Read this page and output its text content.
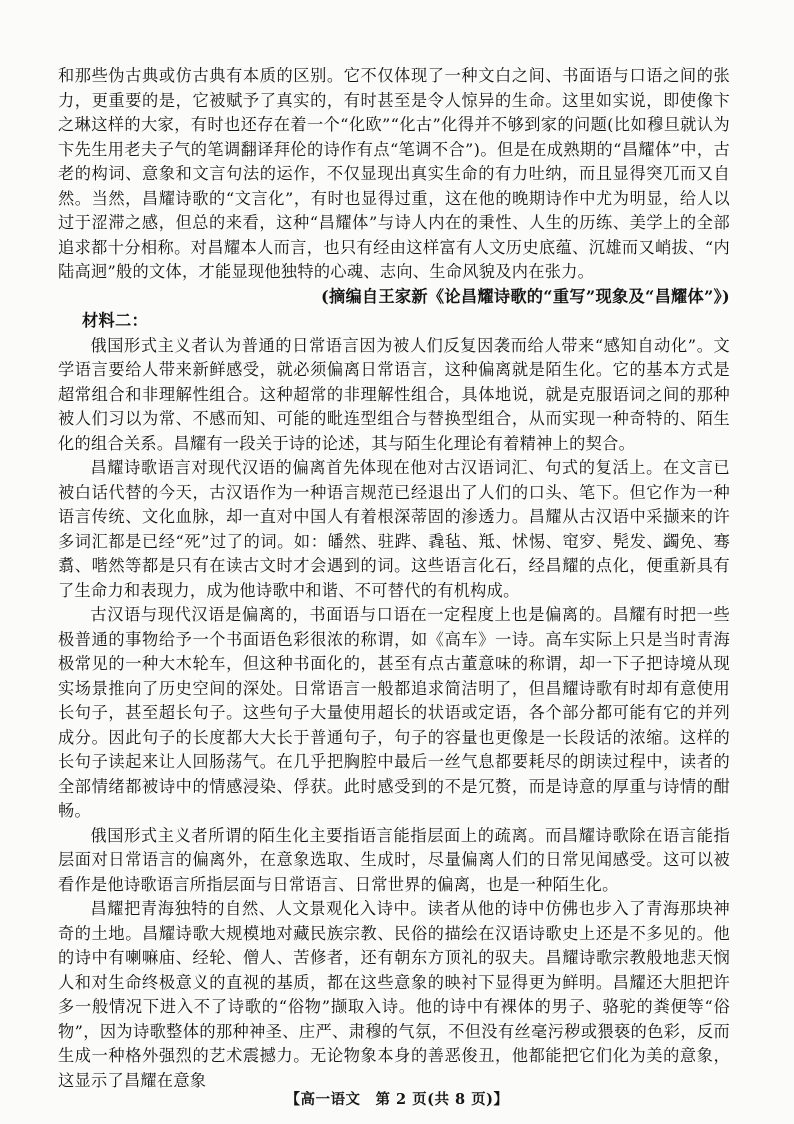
和那些伪古典或仿古典有本质的区别。它不仅体现了一种文白之间、书面语与口语之间的张力，更重要的是，它被赋予了真实的，有时甚至是令人惊异的生命。这里如实说，即使像卞之琳这样的大家，有时也还存在着一个“化欧”“化古”化得并不够到家的问题(比如穆旦就认为卞先生用老夫子气的笔调翻译拜伦的诗作有点“笔调不合”)。但是在成熟期的“昌耀体”中，古老的构词、意象和文言句法的运作，不仅显现出真实生命的有力吐纳，而且显得突兀而又自然。当然，昌耀诗歌的“文言化”，有时也显得过重，这在他的晚期诗作中尤为明显，给人以过于涩滞之感，但总的来看，这种“昌耀体”与诗人内在的秉性、人生的历练、美学上的全部追求都十分相称。对昌耀本人而言，也只有经由这样富有人文历史底蕴、沉雄而又峭拔、“内陆高迥”般的文体，才能显现他独特的心魂、志向、生命风貌及内在张力。

(摘编自王家新《论昌耀诗歌的“重写”现象及“昌耀体”》)

材料二：

俄国形式主义者认为普通的日常语言因为被人们反复因袭而给人带来“感知自动化”。文学语言要给人带来新鲜感受，就必须偏离日常语言，这种偏离就是陌生化。它的基本方式是超常组合和非理解性组合。这种超常的非理解性组合，具体地说，就是克服语词之间的那种被人们习以为常、不感而知、可能的毗连型组合与替换型组合，从而实现一种奇特的、陌生化的组合关系。昌耀有一段关于诗的论述，其与陌生化理论有着精神上的契合。

昌耀诗歌语言对现代汉语的偏离首先体现在他对古汉语词汇、句式的复活上。在文言已被白话代替的今天，古汉语作为一种语言规范已经退出了人们的口头、笔下。但它作为一种语言传统、文化血脉，却一直对中国人有着根深蒂固的渗透力。昌耀从古汉语中采撷来的许多词汇都是已经“死”过了的词。如：皤然、驻跸、毳毡、羝、怵惕、窀穸、髡发、蠲免、骞翥、喈然等都是只有在读古文时才会遇到的词。这些语言化石，经昌耀的点化，便重新具有了生命力和表现力，成为他诗歌中和谐、不可替代的有机构成。

古汉语与现代汉语是偏离的，书面语与口语在一定程度上也是偏离的。昌耀有时把一些极普通的事物给予一个书面语色彩很浓的称谓，如《高车》一诗。高车实际上只是当时青海极常见的一种大木轮车，但这种书面化的，甚至有点古董意味的称谓，却一下子把诗境从现实场景推向了历史空间的深处。日常语言一般都追求简洁明了，但昌耀诗歌有时却有意使用长句子，甚至超长句子。这些句子大量使用超长的状语或定语，各个部分都可能有它的并列成分。因此句子的长度都大大长于普通句子，句子的容量也更像是一长段话的浓缩。这样的长句子读起来让人回肠荡气。在几乎把胸腔中最后一丝气息都要耗尽的朗读过程中，读者的全部情绪都被诗中的情感浸染、俘获。此时感受到的不是冗赘，而是诗意的厚重与诗情的酣畅。

俄国形式主义者所谓的陌生化主要指语言能指层面上的疏离。而昌耀诗歌除在语言能指层面对日常语言的偏离外，在意象选取、生成时，尽量偏离人们的日常见闻感受。这可以被看作是他诗歌语言所指层面与日常语言、日常世界的偏离，也是一种陌生化。

昌耀把青海独特的自然、人文景观化入诗中。读者从他的诗中仿佛也步入了青海那块神奇的土地。昌耀诗歌大规模地对藏民族宗教、民俗的描绘在汉语诗歌史上还是不多见的。他的诗中有喇嘛庙、经轮、僧人、苦修者，还有朝东方顶礼的驭夫。昌耀诗歌宗教般地悲天悯人和对生命终极意义的直视的基质，都在这些意象的映衬下显得更为鲜明。昌耀还大胆把许多一般情况下进入不了诗歌的“俗物”撷取入诗。他的诗中有裸体的男子、骆驼的粪便等“俗物”，因为诗歌整体的那种神圣、庄严、肃穆的气氛，不但没有丝毫污秽或猥亵的色彩，反而生成一种格外强烈的艺术震撼力。无论物象本身的善恶俊丑，他都能把它们化为美的意象，这显示了昌耀在意象

【高一语文　第 2 页(共 8 页)】
